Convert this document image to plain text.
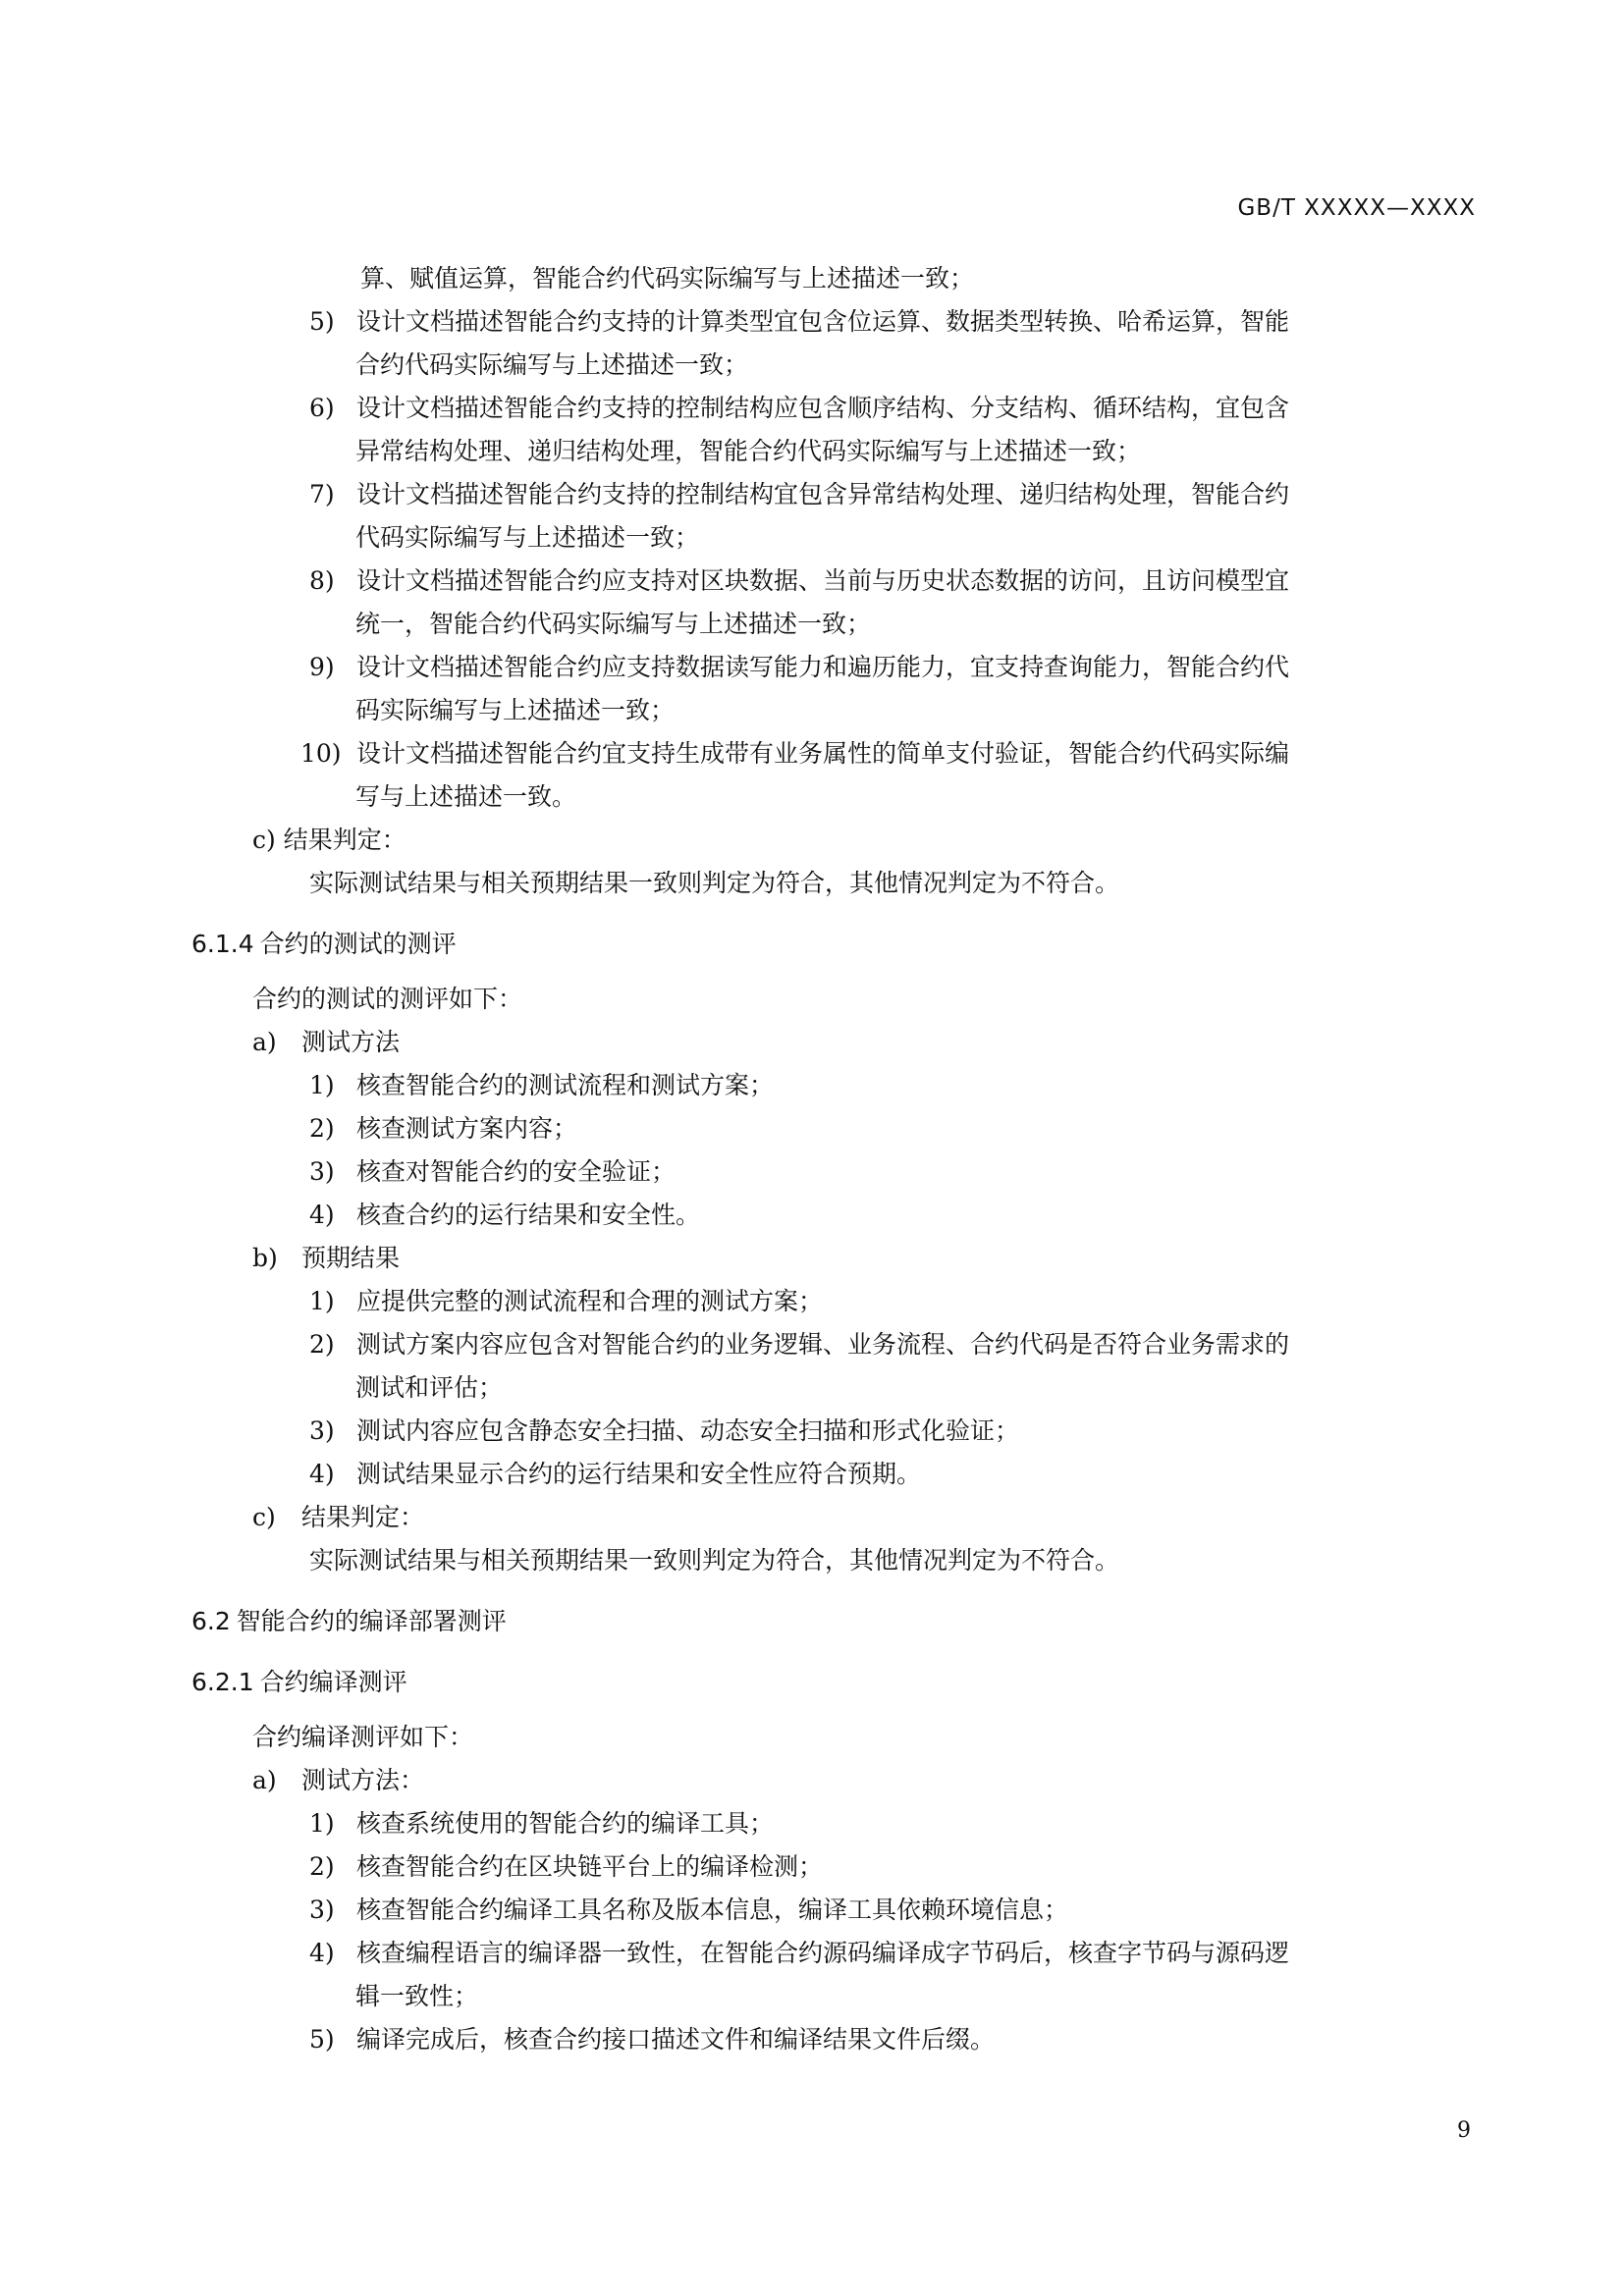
GB/T XXXXX—XXXX
算、赋值运算，智能合约代码实际编写与上述描述一致；
5) 设计文档描述智能合约支持的计算类型宜包含位运算、数据类型转换、哈希运算，智能
合约代码实际编写与上述描述一致；
6) 设计文档描述智能合约支持的控制结构应包含顺序结构、分支结构、循环结构，宜包含
异常结构处理、递归结构处理，智能合约代码实际编写与上述描述一致；
7) 设计文档描述智能合约支持的控制结构宜包含异常结构处理、递归结构处理，智能合约
代码实际编写与上述描述一致；
8) 设计文档描述智能合约应支持对区块数据、当前与历史状态数据的访问，且访问模型宜
统一，智能合约代码实际编写与上述描述一致；
9) 设计文档描述智能合约应支持数据读写能力和遍历能力，宜支持查询能力，智能合约代
码实际编写与上述描述一致；
10) 设计文档描述智能合约宜支持生成带有业务属性的简单支付验证，智能合约代码实际编
写与上述描述一致。
c) 结果判定：
实际测试结果与相关预期结果一致则判定为符合，其他情况判定为不符合。
6.1.4 合约的测试的测评
合约的测试的测评如下：
a) 测试方法
1) 核查智能合约的测试流程和测试方案；
2) 核查测试方案内容；
3) 核查对智能合约的安全验证；
4) 核查合约的运行结果和安全性。
b) 预期结果
1) 应提供完整的测试流程和合理的测试方案；
2) 测试方案内容应包含对智能合约的业务逻辑、业务流程、合约代码是否符合业务需求的
测试和评估；
3) 测试内容应包含静态安全扫描、动态安全扫描和形式化验证；
4) 测试结果显示合约的运行结果和安全性应符合预期。
c) 结果判定：
实际测试结果与相关预期结果一致则判定为符合，其他情况判定为不符合。
6.2 智能合约的编译部署测评
6.2.1 合约编译测评
合约编译测评如下：
a) 测试方法：
1) 核查系统使用的智能合约的编译工具；
2) 核查智能合约在区块链平台上的编译检测；
3) 核查智能合约编译工具名称及版本信息，编译工具依赖环境信息；
4) 核查编程语言的编译器一致性，在智能合约源码编译成字节码后，核查字节码与源码逻
辑一致性；
5) 编译完成后，核查合约接口描述文件和编译结果文件后缀。
9
